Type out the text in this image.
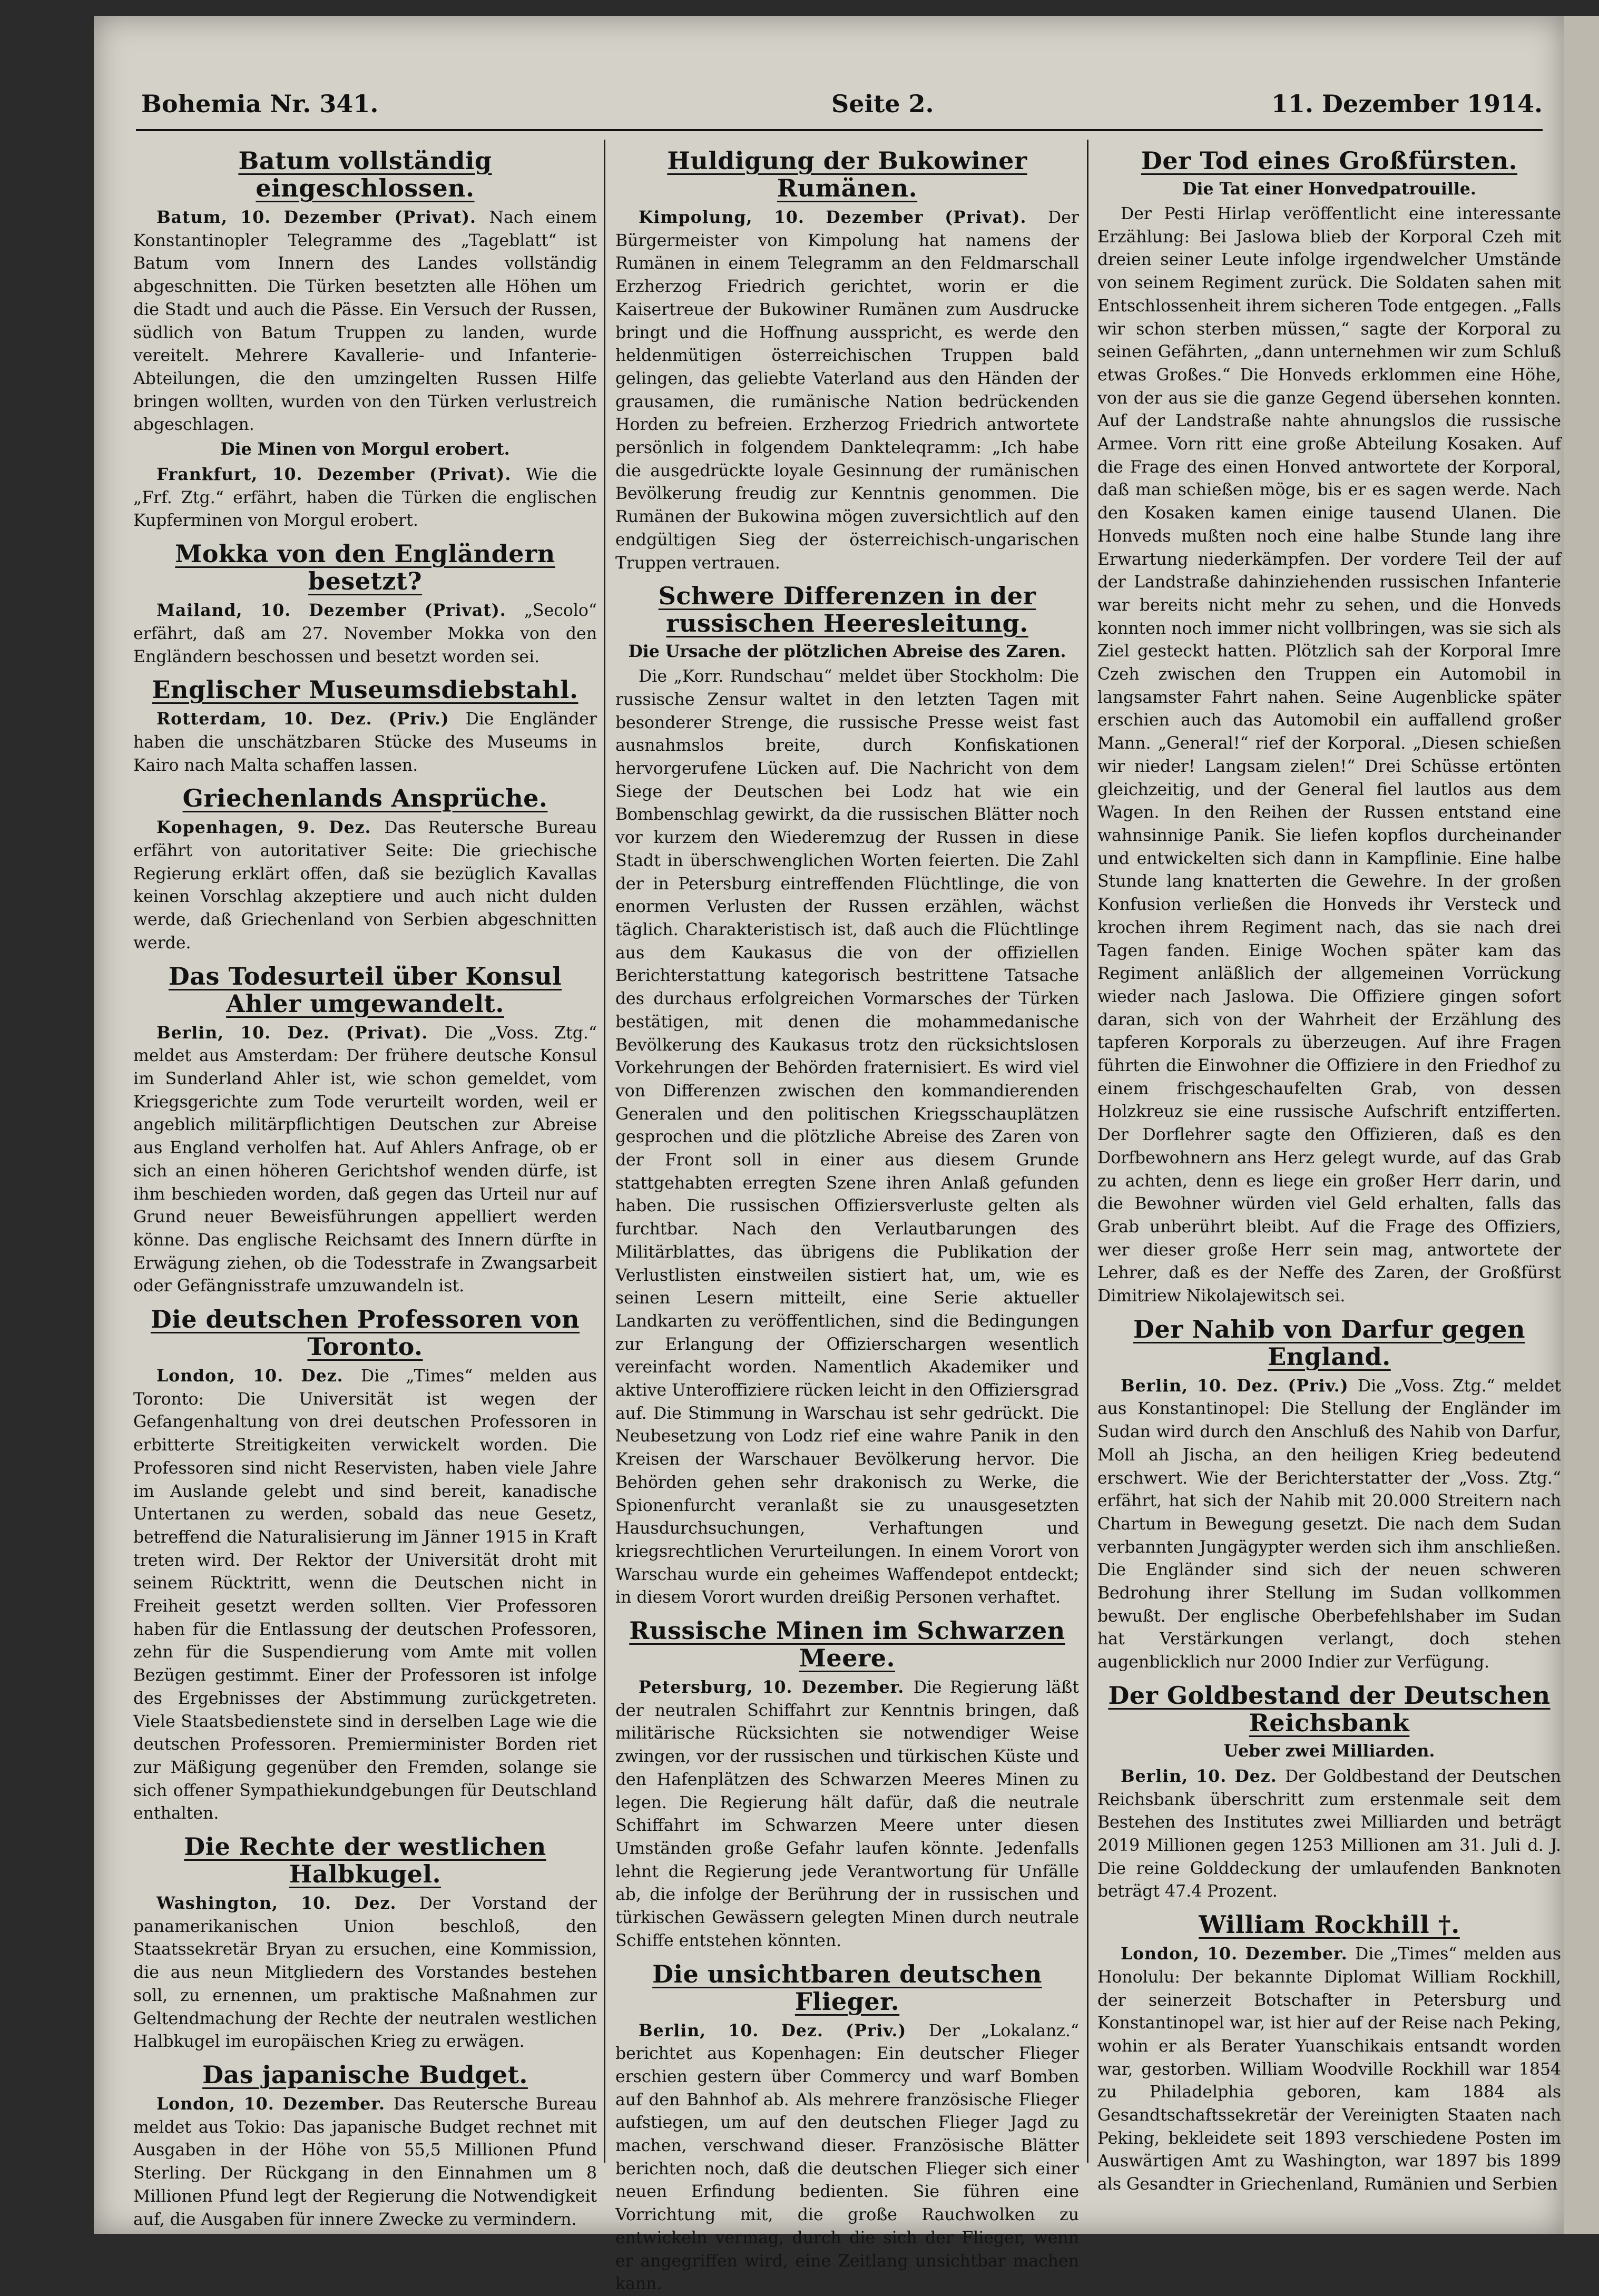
Bohemia Nr. 341.	Seite 2.	11. Dezember 1914.
Batum vollständig eingeschlossen.

Batum, 10. Dezember (Privat). Nach einem Konstantinopler Telegramme des „Tageblatt“ ist Batum vom Innern des Landes vollständig abgeschnitten. Die Türken besetzten alle Höhen um die Stadt und auch die Pässe. Ein Versuch der Russen, südlich von Batum Truppen zu landen, wurde vereitelt. Mehrere Kavallerie- und Infanterie-Abteilungen, die den umzingelten Russen Hilfe bringen wollten, wurden von den Türken verlustreich abgeschlagen.

Die Minen von Morgul erobert.

Frankfurt, 10. Dezember (Privat). Wie die „Frf. Ztg.“ erfährt, haben die Türken die englischen Kupferminen von Morgul erobert.

Mokka von den Engländern besetzt?

Mailand, 10. Dezember (Privat). „Secolo“ erfährt, daß am 27. November Mokka von den Engländern beschossen und besetzt worden sei.

Englischer Museumsdiebstahl.

Rotterdam, 10. Dez. (Priv.) Die Engländer haben die unschätzbaren Stücke des Museums in Kairo nach Malta schaffen lassen.

Griechenlands Ansprüche.

Kopenhagen, 9. Dez. Das Reutersche Bureau erfährt von autoritativer Seite: Die griechische Regierung erklärt offen, daß sie bezüglich Kavallas keinen Vorschlag akzeptiere und auch nicht dulden werde, daß Griechenland von Serbien abgeschnitten werde.

Das Todesurteil über Konsul Ahler umgewandelt.

Berlin, 10. Dez. (Privat). Die „Voss. Ztg.“ meldet aus Amsterdam: Der frühere deutsche Konsul im Sunderland Ahler ist, wie schon gemeldet, vom Kriegsgerichte zum Tode verurteilt worden, weil er angeblich militärpflichtigen Deutschen zur Abreise aus England verholfen hat. Auf Ahlers Anfrage, ob er sich an einen höheren Gerichtshof wenden dürfe, ist ihm beschieden worden, daß gegen das Urteil nur auf Grund neuer Beweisführungen appelliert werden könne. Das englische Reichsamt des Innern dürfte in Erwägung ziehen, ob die Todesstrafe in Zwangsarbeit oder Gefängnisstrafe umzuwandeln ist.

Die deutschen Professoren von Toronto.

London, 10. Dez. Die „Times“ melden aus Toronto: Die Universität ist wegen der Gefangenhaltung von drei deutschen Professoren in erbitterte Streitigkeiten verwickelt worden. Die Professoren sind nicht Reservisten, haben viele Jahre im Auslande gelebt und sind bereit, kanadische Untertanen zu werden, sobald das neue Gesetz, betreffend die Naturalisierung im Jänner 1915 in Kraft treten wird. Der Rektor der Universität droht mit seinem Rücktritt, wenn die Deutschen nicht in Freiheit gesetzt werden sollten. Vier Professoren haben für die Entlassung der deutschen Professoren, zehn für die Suspendierung vom Amte mit vollen Bezügen gestimmt. Einer der Professoren ist infolge des Ergebnisses der Abstimmung zurückgetreten. Viele Staatsbedienstete sind in derselben Lage wie die deutschen Professoren. Premierminister Borden riet zur Mäßigung gegenüber den Fremden, solange sie sich offener Sympathiekundgebungen für Deutschland enthalten.

Die Rechte der westlichen Halbkugel.

Washington, 10. Dez. Der Vorstand der panamerikanischen Union beschloß, den Staatssekretär Bryan zu ersuchen, eine Kommission, die aus neun Mitgliedern des Vorstandes bestehen soll, zu ernennen, um praktische Maßnahmen zur Geltendmachung der Rechte der neutralen westlichen Halbkugel im europäischen Krieg zu erwägen.

Das japanische Budget.

London, 10. Dezember. Das Reutersche Bureau meldet aus Tokio: Das japanische Budget rechnet mit Ausgaben in der Höhe von 55,5 Millionen Pfund Sterling. Der Rückgang in den Einnahmen um 8 Millionen Pfund legt der Regierung die Notwendigkeit auf, die Ausgaben für innere Zwecke zu vermindern.

Huldigung der Bukowiner Rumänen.

Kimpolung, 10. Dezember (Privat). Der Bürgermeister von Kimpolung hat namens der Rumänen in einem Telegramm an den Feldmarschall Erzherzog Friedrich gerichtet, worin er die Kaisertreue der Bukowiner Rumänen zum Ausdrucke bringt und die Hoffnung ausspricht, es werde den heldenmütigen österreichischen Truppen bald gelingen, das geliebte Vaterland aus den Händen der grausamen, die rumänische Nation bedrückenden Horden zu befreien. Erzherzog Friedrich antwortete persönlich in folgendem Dankteleqramm: „Ich habe die ausgedrückte loyale Gesinnung der rumänischen Bevölkerung freudig zur Kenntnis genommen. Die Rumänen der Bukowina mögen zuversichtlich auf den endgültigen Sieg der österreichisch-ungarischen Truppen vertrauen.

Schwere Differenzen in der russischen Heeresleitung.
Die Ursache der plötzlichen Abreise des Zaren.

Die „Korr. Rundschau“ meldet über Stockholm: Die russische Zensur waltet in den letzten Tagen mit besonderer Strenge, die russische Presse weist fast ausnahmslos breite, durch Konfiskationen hervorgerufene Lücken auf. Die Nachricht von dem Siege der Deutschen bei Lodz hat wie ein Bombenschlag gewirkt, da die russischen Blätter noch vor kurzem den Wiederemzug der Russen in diese Stadt in überschwenglichen Worten feierten. Die Zahl der in Petersburg eintreffenden Flüchtlinge, die von enormen Verlusten der Russen erzählen, wächst täglich. Charakteristisch ist, daß auch die Flüchtlinge aus dem Kaukasus die von der offiziellen Berichterstattung kategorisch bestrittene Tatsache des durchaus erfolgreichen Vormarsches der Türken bestätigen, mit denen die mohammedanische Bevölkerung des Kaukasus trotz den rücksichtslosen Vorkehrungen der Behörden fraternisiert. Es wird viel von Differenzen zwischen den kommandierenden Generalen und den politischen Kriegsschauplätzen gesprochen und die plötzliche Abreise des Zaren von der Front soll in einer aus diesem Grunde stattgehabten erregten Szene ihren Anlaß gefunden haben. Die russischen Offiziersverluste gelten als furchtbar. Nach den Verlautbarungen des Militärblattes, das übrigens die Publikation der Verlustlisten einstweilen sistiert hat, um, wie es seinen Lesern mitteilt, eine Serie aktueller Landkarten zu veröffentlichen, sind die Bedingungen zur Erlangung der Offizierschargen wesentlich vereinfacht worden. Namentlich Akademiker und aktive Unteroffiziere rücken leicht in den Offiziersgrad auf. Die Stimmung in Warschau ist sehr gedrückt. Die Neubesetzung von Lodz rief eine wahre Panik in den Kreisen der Warschauer Bevölkerung hervor. Die Behörden gehen sehr drakonisch zu Werke, die Spionenfurcht veranlaßt sie zu unausgesetzten Hausdurchsuchungen, Verhaftungen und kriegsrechtlichen Verurteilungen. In einem Vorort von Warschau wurde ein geheimes Waffendepot entdeckt; in diesem Vorort wurden dreißig Personen verhaftet.

Russische Minen im Schwarzen Meere.

Petersburg, 10. Dezember. Die Regierung läßt der neutralen Schiffahrt zur Kenntnis bringen, daß militärische Rücksichten sie notwendiger Weise zwingen, vor der russischen und türkischen Küste und den Hafenplätzen des Schwarzen Meeres Minen zu legen. Die Regierung hält dafür, daß die neutrale Schiffahrt im Schwarzen Meere unter diesen Umständen große Gefahr laufen könnte. Jedenfalls lehnt die Regierung jede Verantwortung für Unfälle ab, die infolge der Berührung der in russischen und türkischen Gewässern gelegten Minen durch neutrale Schiffe entstehen könnten.

Die unsichtbaren deutschen Flieger.

Berlin, 10. Dez. (Priv.) Der „Lokalanz.“ berichtet aus Kopenhagen: Ein deutscher Flieger erschien gestern über Commercy und warf Bomben auf den Bahnhof ab. Als mehrere französische Flieger aufstiegen, um auf den deutschen Flieger Jagd zu machen, verschwand dieser. Französische Blätter berichten noch, daß die deutschen Flieger sich einer neuen Erfindung bedienten. Sie führen eine Vorrichtung mit, die große Rauchwolken zu entwickeln vermag, durch die sich der Flieger, wenn er angegriffen wird, eine Zeitlang unsichtbar machen kann.

Der Tod eines Großfürsten.
Die Tat einer Honvedpatrouille.

Der Pesti Hirlap veröffentlicht eine interessante Erzählung: Bei Jaslowa blieb der Korporal Czeh mit dreien seiner Leute infolge irgendwelcher Umstände von seinem Regiment zurück. Die Soldaten sahen mit Entschlossenheit ihrem sicheren Tode entgegen. „Falls wir schon sterben müssen,“ sagte der Korporal zu seinen Gefährten, „dann unternehmen wir zum Schluß etwas Großes.“ Die Honveds erklommen eine Höhe, von der aus sie die ganze Gegend übersehen konnten. Auf der Landstraße nahte ahnungslos die russische Armee. Vorn ritt eine große Abteilung Kosaken. Auf die Frage des einen Honved antwortete der Korporal, daß man schießen möge, bis er es sagen werde. Nach den Kosaken kamen einige tausend Ulanen. Die Honveds mußten noch eine halbe Stunde lang ihre Erwartung niederkämpfen. Der vordere Teil der auf der Landstraße dahinziehenden russischen Infanterie war bereits nicht mehr zu sehen, und die Honveds konnten noch immer nicht vollbringen, was sie sich als Ziel gesteckt hatten. Plötzlich sah der Korporal Imre Czeh zwischen den Truppen ein Automobil in langsamster Fahrt nahen. Seine Augenblicke später erschien auch das Automobil ein auffallend großer Mann. „General!“ rief der Korporal. „Diesen schießen wir nieder! Langsam zielen!“ Drei Schüsse ertönten gleichzeitig, und der General fiel lautlos aus dem Wagen. In den Reihen der Russen entstand eine wahnsinnige Panik. Sie liefen kopflos durcheinander und entwickelten sich dann in Kampflinie. Eine halbe Stunde lang knatterten die Gewehre. In der großen Konfusion verließen die Honveds ihr Versteck und krochen ihrem Regiment nach, das sie nach drei Tagen fanden. Einige Wochen später kam das Regiment anläßlich der allgemeinen Vorrückung wieder nach Jaslowa. Die Offiziere gingen sofort daran, sich von der Wahrheit der Erzählung des tapferen Korporals zu überzeugen. Auf ihre Fragen führten die Einwohner die Offiziere in den Friedhof zu einem frischgeschaufelten Grab, von dessen Holzkreuz sie eine russische Aufschrift entzifferten. Der Dorflehrer sagte den Offizieren, daß es den Dorfbewohnern ans Herz gelegt wurde, auf das Grab zu achten, denn es liege ein großer Herr darin, und die Bewohner würden viel Geld erhalten, falls das Grab unberührt bleibt. Auf die Frage des Offiziers, wer dieser große Herr sein mag, antwortete der Lehrer, daß es der Neffe des Zaren, der Großfürst Dimitriew Nikolajewitsch sei.

Der Nahib von Darfur gegen England.

Berlin, 10. Dez. (Priv.) Die „Voss. Ztg.“ meldet aus Konstantinopel: Die Stellung der Engländer im Sudan wird durch den Anschluß des Nahib von Darfur, Moll ah Jischa, an den heiligen Krieg bedeutend erschwert. Wie der Berichterstatter der „Voss. Ztg.“ erfährt, hat sich der Nahib mit 20.000 Streitern nach Chartum in Bewegung gesetzt. Die nach dem Sudan verbannten Jungägypter werden sich ihm anschließen. Die Engländer sind sich der neuen schweren Bedrohung ihrer Stellung im Sudan vollkommen bewußt. Der englische Oberbefehlshaber im Sudan hat Verstärkungen verlangt, doch stehen augenblicklich nur 2000 Indier zur Verfügung.

Der Goldbestand der Deutschen Reichsbank
Ueber zwei Milliarden.

Berlin, 10. Dez. Der Goldbestand der Deutschen Reichsbank überschritt zum erstenmale seit dem Bestehen des Institutes zwei Milliarden und beträgt 2019 Millionen gegen 1253 Millionen am 31. Juli d. J. Die reine Golddeckung der umlaufenden Banknoten beträgt 47.4 Prozent.

William Rockhill †.

London, 10. Dezember. Die „Times“ melden aus Honolulu: Der bekannte Diplomat William Rockhill, der seinerzeit Botschafter in Petersburg und Konstantinopel war, ist hier auf der Reise nach Peking, wohin er als Berater Yuanschikais entsandt worden war, gestorben. William Woodville Rockhill war 1854 zu Philadelphia geboren, kam 1884 als Gesandtschaftssekretär der Vereinigten Staaten nach Peking, bekleidete seit 1893 verschiedene Posten im Auswärtigen Amt zu Washington, war 1897 bis 1899 als Gesandter in Griechenland, Rumänien und Serbien
